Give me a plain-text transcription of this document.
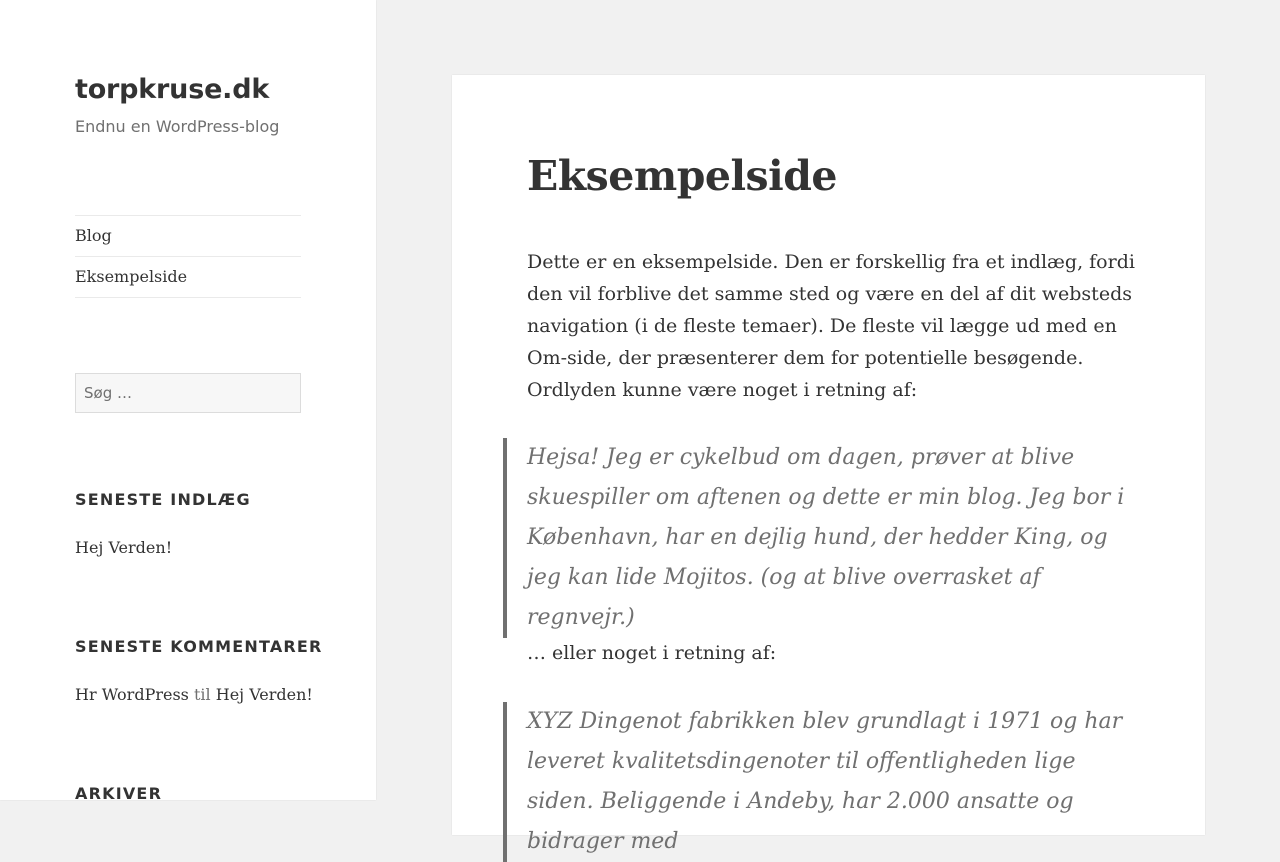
torpkruse.dk

Endnu en WordPress-blog

Blog
Eksempelside
Søg …
SENESTE INDLÆG

Hej Verden!

SENESTE KOMMENTARER

Hr WordPress til Hej Verden!

ARKIVER
Eksempelside

Dette er en eksempelside. Den er forskellig fra et indlæg, fordi den vil forblive det samme sted og være en del af dit websteds navigation (i de fleste temaer). De fleste vil lægge ud med en Om-side, der præsenterer dem for potentielle besøgende. Ordlyden kunne være noget i retning af:

Hejsa! Jeg er cykelbud om dagen, prøver at blive skuespiller om aftenen og dette er min blog. Jeg bor i København, har en dejlig hund, der hedder King, og jeg kan lide Mojitos. (og at blive overrasket af regnvejr.)

… eller noget i retning af:

XYZ Dingenot fabrikken blev grundlagt i 1971 og har leveret kvalitetsdingenoter til offentligheden lige siden. Beliggende i Andeby, har 2.000 ansatte og bidrager med
